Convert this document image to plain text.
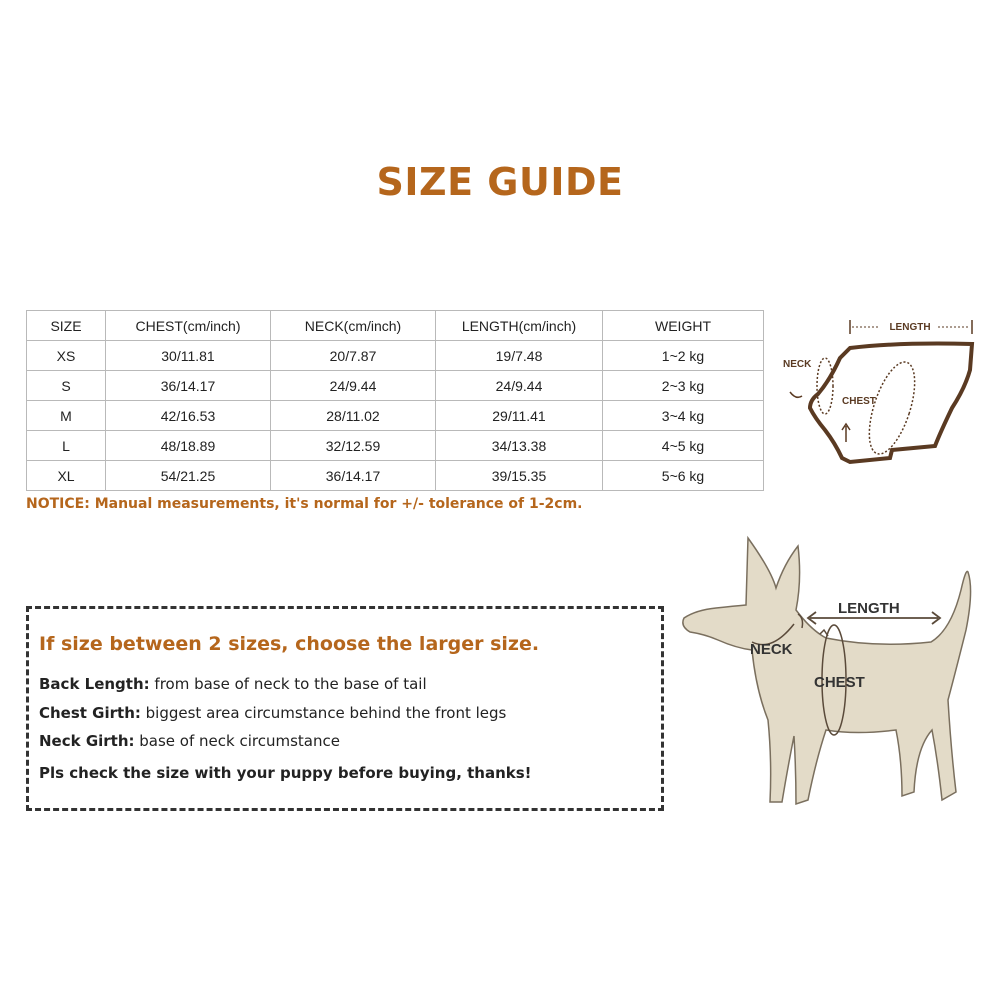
SIZE GUIDE
SIZE	CHEST(cm/inch)	NECK(cm/inch)	LENGTH(cm/inch)	WEIGHT
XS	30/11.81	20/7.87	19/7.48	1~2 kg
S	36/14.17	24/9.44	24/9.44	2~3 kg
M	42/16.53	28/11.02	29/11.41	3~4 kg
L	48/18.89	32/12.59	34/13.38	4~5 kg
XL	54/21.25	36/14.17	39/15.35	5~6 kg
LENGTH
NECK
CHEST
NOTICE: Manual measurements, it's normal for +/- tolerance of 1-2cm.
If size between 2 sizes, choose the larger size.
Back Length: from base of neck to the base of tail
Chest Girth: biggest area circumstance behind the front legs
Neck Girth: base of neck circumstance
Pls check the size with your puppy before buying, thanks!
LENGTH
NECK
CHEST
